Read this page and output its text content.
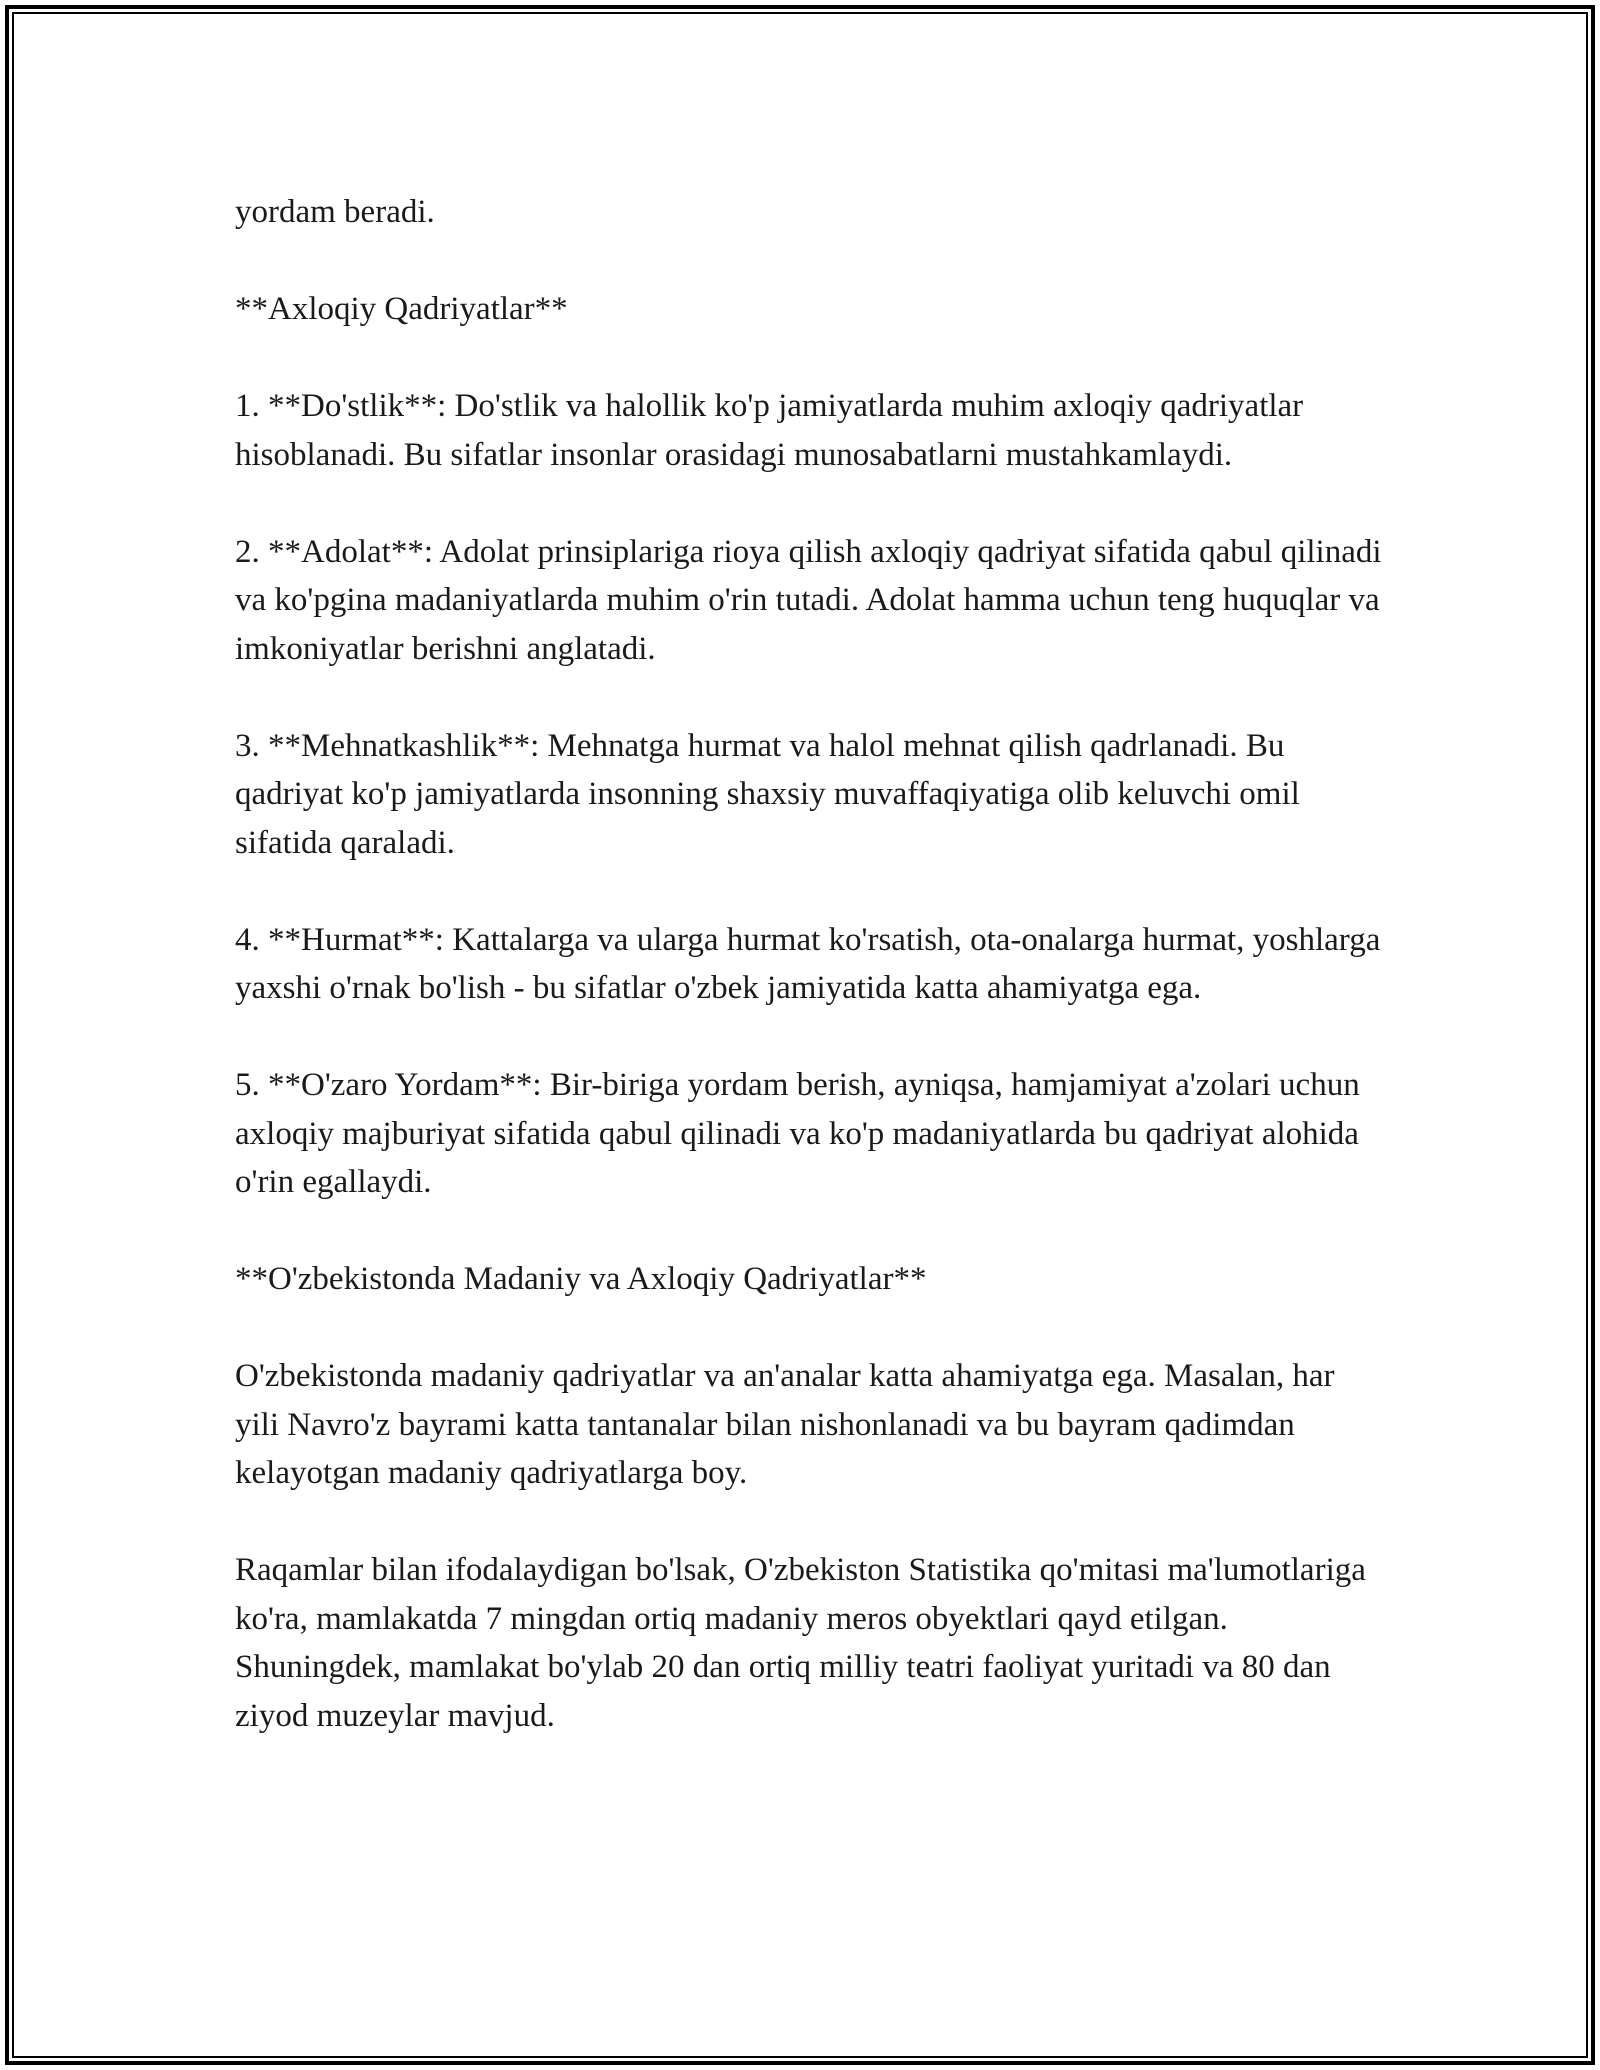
yordam beradi.

**Axloqiy Qadriyatlar**

1. **Do'stlik**: Do'stlik va halollik ko'p jamiyatlarda muhim axloqiy qadriyatlar hisoblanadi. Bu sifatlar insonlar orasidagi munosabatlarni mustahkamlaydi.

2. **Adolat**: Adolat prinsiplariga rioya qilish axloqiy qadriyat sifatida qabul qilinadi va ko'pgina madaniyatlarda muhim o'rin tutadi. Adolat hamma uchun teng huquqlar va imkoniyatlar berishni anglatadi.

3. **Mehnatkashlik**: Mehnatga hurmat va halol mehnat qilish qadrlanadi. Bu qadriyat ko'p jamiyatlarda insonning shaxsiy muvaffaqiyatiga olib keluvchi omil sifatida qaraladi.

4. **Hurmat**: Kattalarga va ularga hurmat ko'rsatish, ota-onalarga hurmat, yoshlarga yaxshi o'rnak bo'lish - bu sifatlar o'zbek jamiyatida katta ahamiyatga ega.

5. **O'zaro Yordam**: Bir-biriga yordam berish, ayniqsa, hamjamiyat a'zolari uchun axloqiy majburiyat sifatida qabul qilinadi va ko'p madaniyatlarda bu qadriyat alohida o'rin egallaydi.

**O'zbekistonda Madaniy va Axloqiy Qadriyatlar**

O'zbekistonda madaniy qadriyatlar va an'analar katta ahamiyatga ega. Masalan, har yili Navro'z bayrami katta tantanalar bilan nishonlanadi va bu bayram qadimdan kelayotgan madaniy qadriyatlarga boy.

Raqamlar bilan ifodalaydigan bo'lsak, O'zbekiston Statistika qo'mitasi ma'lumotlariga ko'ra, mamlakatda 7 mingdan ortiq madaniy meros obyektlari qayd etilgan. Shuningdek, mamlakat bo'ylab 20 dan ortiq milliy teatri faoliyat yuritadi va 80 dan ziyod muzeylar mavjud.
